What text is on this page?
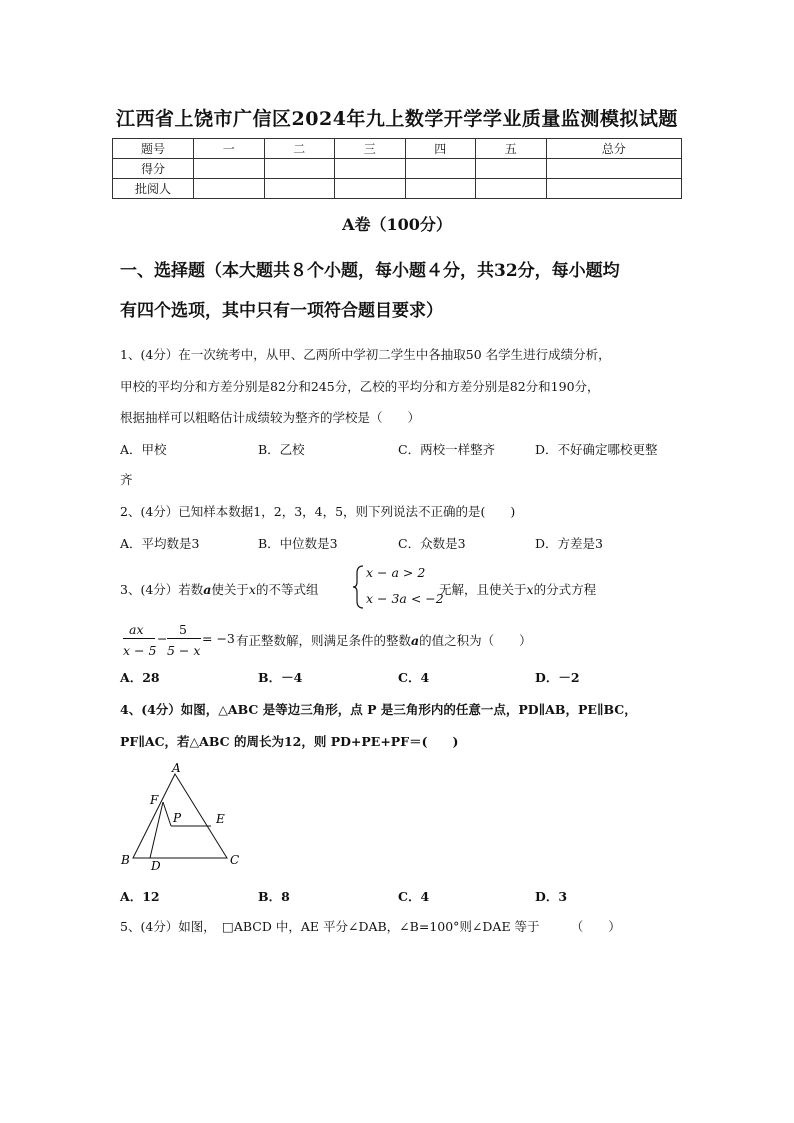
江西省上饶市广信区2024年九上数学开学学业质量监测模拟试题
题号	一	二	三	四	五	总分
得分						
批阅人						
A卷（100分）
一、选择题（本大题共８个小题，每小题４分，共32分，每小题均
有四个选项，其中只有一项符合题目要求）
1、(4分）在一次统考中，从甲、乙两所中学初二学生中各抽取50 名学生进行成绩分析，
甲校的平均分和方差分别是82分和245分，乙校的平均分和方差分别是82分和190分，
根据抽样可以粗略估计成绩较为整齐的学校是（　　）
A．甲校	B．乙校	C．两校一样整齐	D．不好确定哪校更整
齐
2、(4分）已知样本数据1，2，3，4，5，则下列说法不正确的是(　　)
A．平均数是3	B．中位数是3	C．众数是3	D．方差是3
3、(4分）若数a使关于x的不等式组
x − a > 2
x − 3a < −2
无解，且使关于x的分式方程
ax
x − 5
−
5
5 − x
= −3 有正整数解，则满足条件的整数a的值之积为（　　）
A．28	B．－4	C．4	D．－2
4、(4分）如图，△ABC 是等边三角形，点 P 是三角形内的任意一点，PD∥AB，PE∥BC，
PF∥AC，若△ABC 的周长为12，则 PD+PE+PF＝(　　)
A
F
P	E
B D	C
A．12	B．8	C．4	D．3
5、(4分）如图，　□ABCD 中，AE 平分∠DAB，∠B=100°则∠DAE 等于　　　（　　）
